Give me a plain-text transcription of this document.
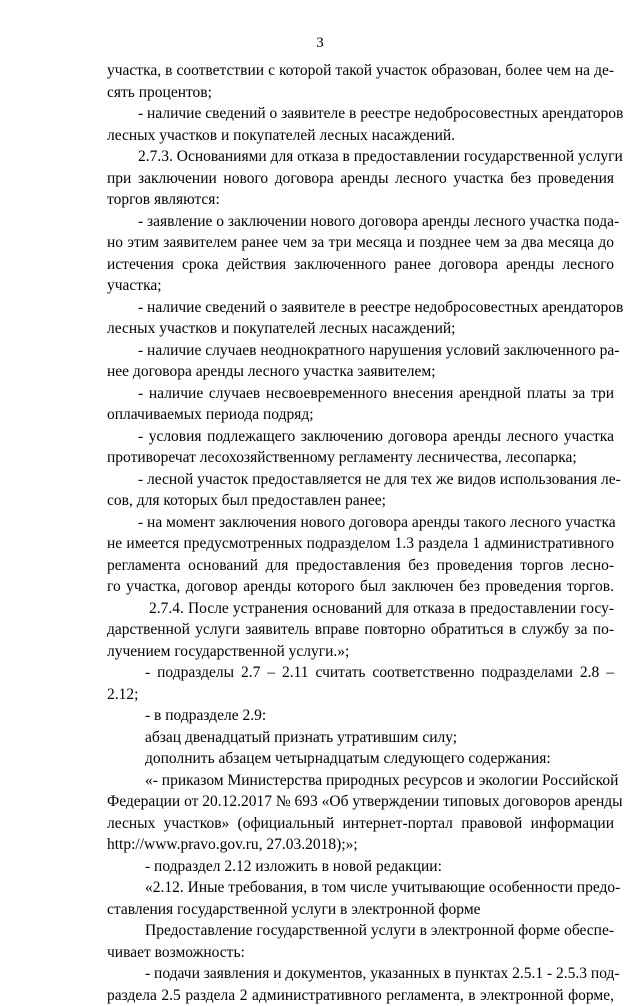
3
участка, в соответствии с которой такой участок образован, более чем на де-
сять процентов;
- наличие сведений о заявителе в реестре недобросовестных арендаторов
лесных участков и покупателей лесных насаждений.
2.7.3. Основаниями для отказа в предоставлении государственной услуги
при заключении нового договора аренды лесного участка без проведения
торгов являются:
- заявление о заключении нового договора аренды лесного участка пода-
но этим заявителем ранее чем за три месяца и позднее чем за два месяца до
истечения срока действия заключенного ранее договора аренды лесного
участка;
- наличие сведений о заявителе в реестре недобросовестных арендаторов
лесных участков и покупателей лесных насаждений;
- наличие случаев неоднократного нарушения условий заключенного ра-
нее договора аренды лесного участка заявителем;
- наличие случаев несвоевременного внесения арендной платы за три
оплачиваемых периода подряд;
- условия подлежащего заключению договора аренды лесного участка
противоречат лесохозяйственному регламенту лесничества, лесопарка;
- лесной участок предоставляется не для тех же видов использования ле-
сов, для которых был предоставлен ранее;
- на момент заключения нового договора аренды такого лесного участка
не имеется предусмотренных подразделом 1.3 раздела 1 административного
регламента оснований для предоставления без проведения торгов лесно-
го участка, договор аренды которого был заключен без проведения торгов.
2.7.4. После устранения оснований для отказа в предоставлении госу-
дарственной услуги заявитель вправе повторно обратиться в службу за по-
лучением государственной услуги.»;
- подразделы 2.7 – 2.11 считать соответственно подразделами 2.8 –
2.12;
- в подразделе 2.9:
абзац двенадцатый признать утратившим силу;
дополнить абзацем четырнадцатым следующего содержания:
«- приказом Министерства природных ресурсов и экологии Российской
Федерации от 20.12.2017 № 693 «Об утверждении типовых договоров аренды
лесных участков» (официальный интернет-портал правовой информации
http://www.pravo.gov.ru, 27.03.2018);»;
- подраздел 2.12 изложить в новой редакции:
«2.12. Иные требования, в том числе учитывающие особенности предо-
ставления государственной услуги в электронной форме
Предоставление государственной услуги в электронной форме обеспе-
чивает возможность:
- подачи заявления и документов, указанных в пунктах 2.5.1 - 2.5.3 под-
раздела 2.5 раздела 2 административного регламента, в электронной форме,
